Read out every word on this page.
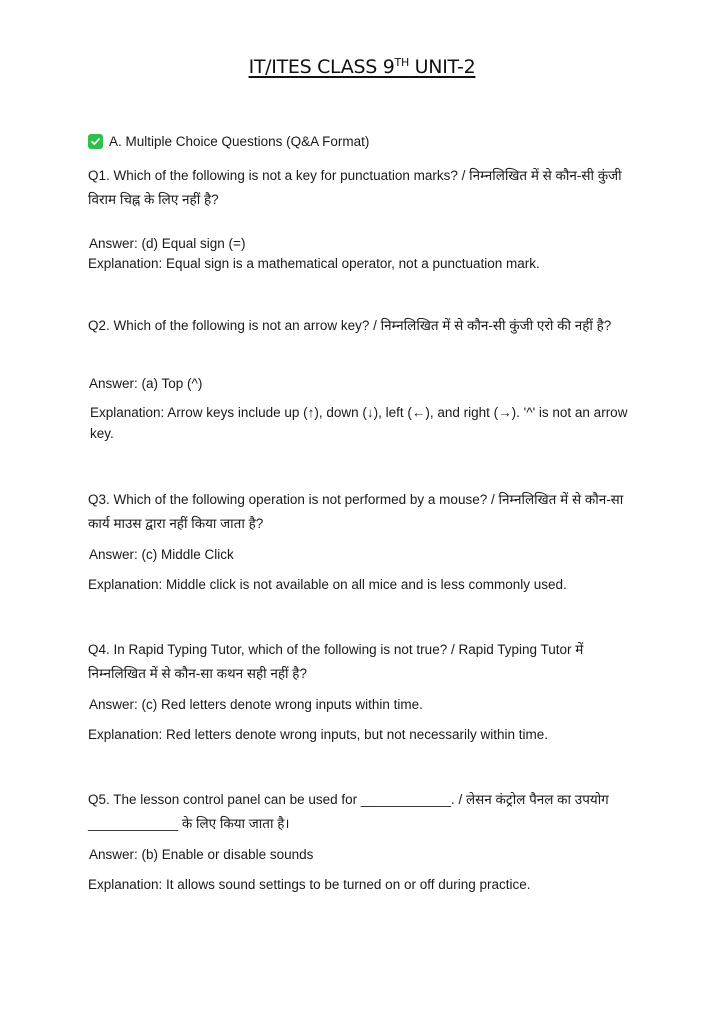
IT/ITES CLASS 9TH UNIT-2
A. Multiple Choice Questions (Q&A Format)
Q1. Which of the following is not a key for punctuation marks? / निम्नलिखित में से कौन-सी कुंजी विराम चिह्न के लिए नहीं है?
Answer: (d) Equal sign (=)
Explanation: Equal sign is a mathematical operator, not a punctuation mark.
Q2. Which of the following is not an arrow key? / निम्नलिखित में से कौन-सी कुंजी एरो की नहीं है?
Answer: (a) Top (^)
Explanation: Arrow keys include up (↑), down (↓), left (←), and right (→). '^' is not an arrow key.
Q3. Which of the following operation is not performed by a mouse? / निम्नलिखित में से कौन-सा कार्य माउस द्वारा नहीं किया जाता है?
Answer: (c) Middle Click
Explanation: Middle click is not available on all mice and is less commonly used.
Q4. In Rapid Typing Tutor, which of the following is not true? / Rapid Typing Tutor में निम्नलिखित में से कौन-सा कथन सही नहीं है?
Answer: (c) Red letters denote wrong inputs within time.
Explanation: Red letters denote wrong inputs, but not necessarily within time.
Q5. The lesson control panel can be used for ____________. / लेसन कंट्रोल पैनल का उपयोग ____________ के लिए किया जाता है।
Answer: (b) Enable or disable sounds
Explanation: It allows sound settings to be turned on or off during practice.
